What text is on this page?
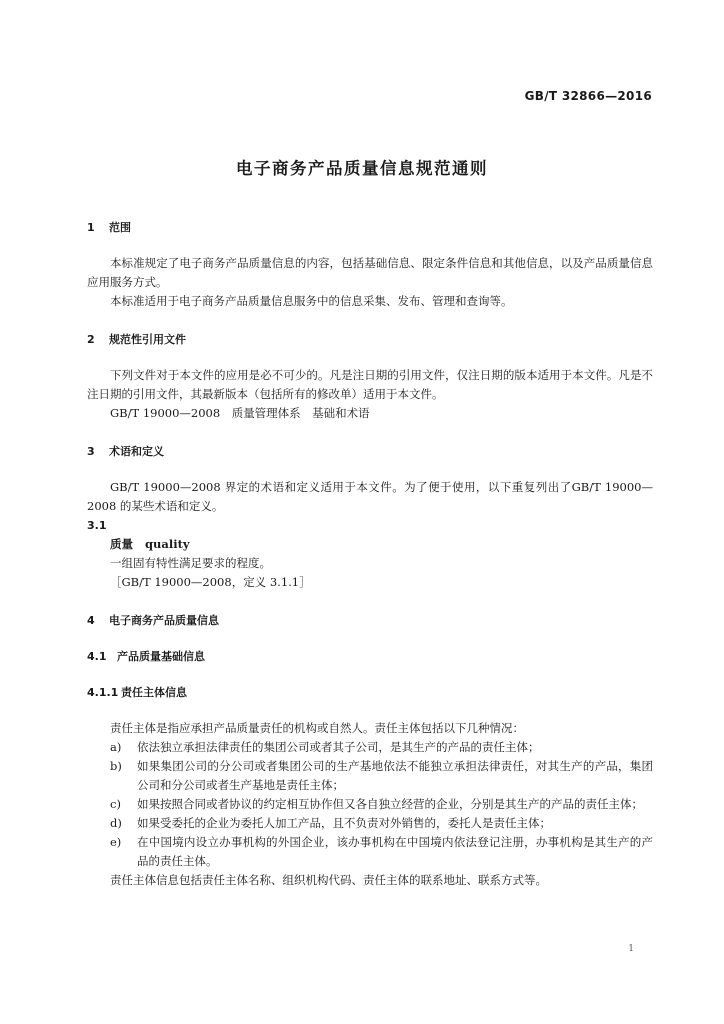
GB/T 32866—2016
电子商务产品质量信息规范通则
1 范围
本标准规定了电子商务产品质量信息的内容，包括基础信息、限定条件信息和其他信息，以及产品质量信息应用服务方式。
本标准适用于电子商务产品质量信息服务中的信息采集、发布、管理和查询等。
2 规范性引用文件
下列文件对于本文件的应用是必不可少的。凡是注日期的引用文件，仅注日期的版本适用于本文件。凡是不注日期的引用文件，其最新版本（包括所有的修改单）适用于本文件。
GB/T 19000—2008　质量管理体系　基础和术语
3 术语和定义
GB/T 19000—2008 界定的术语和定义适用于本文件。为了便于使用，以下重复列出了GB/T 19000—2008 的某些术语和定义。
3.1
质量 quality
一组固有特性满足要求的程度。
［GB/T 19000—2008，定义 3.1.1］
4 电子商务产品质量信息
4.1 产品质量基础信息
4.1.1 责任主体信息
责任主体是指应承担产品质量责任的机构或自然人。责任主体包括以下几种情况：
a)	依法独立承担法律责任的集团公司或者其子公司，是其生产的产品的责任主体；
b)	如果集团公司的分公司或者集团公司的生产基地依法不能独立承担法律责任，对其生产的产品，集团公司和分公司或者生产基地是责任主体；
c)	如果按照合同或者协议的约定相互协作但又各自独立经营的企业，分别是其生产的产品的责任主体；
d)	如果受委托的企业为委托人加工产品，且不负责对外销售的，委托人是责任主体；
e)	在中国境内设立办事机构的外国企业，该办事机构在中国境内依法登记注册，办事机构是其生产的产品的责任主体。
责任主体信息包括责任主体名称、组织机构代码、责任主体的联系地址、联系方式等。
1
